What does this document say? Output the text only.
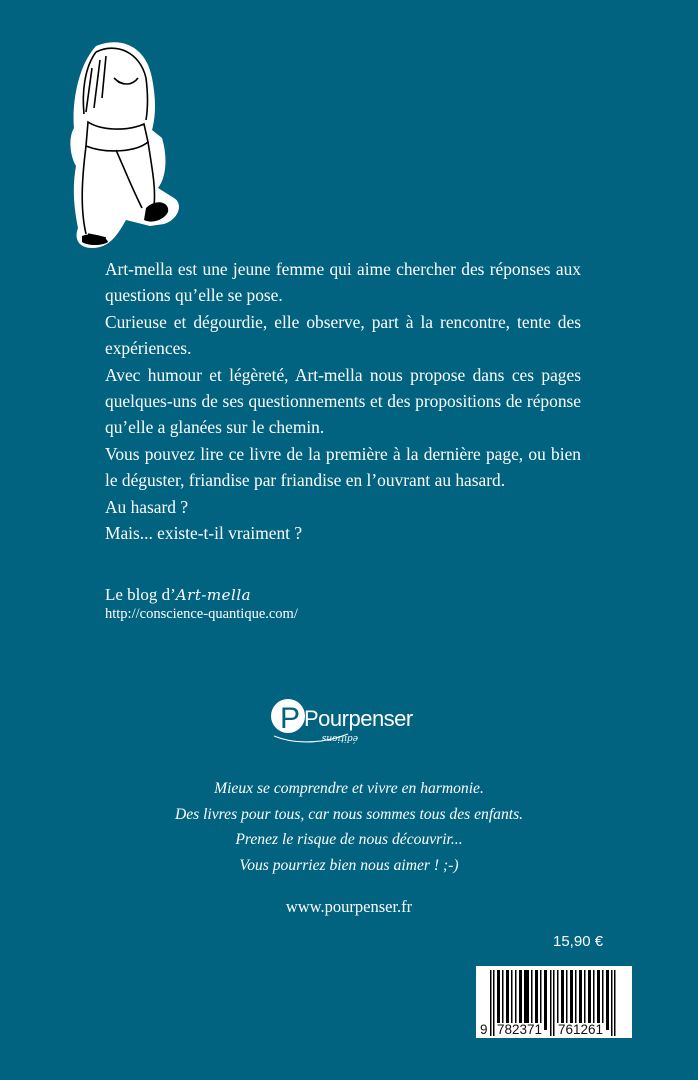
Art-mella est une jeune femme qui aime chercher des réponses aux questions qu’elle se pose.

Curieuse et dégourdie, elle observe, part à la rencontre, tente des expériences.

Avec humour et légèreté, Art-mella nous propose dans ces pages quelques-uns de ses questionnements et des propositions de réponse qu’elle a glanées sur le chemin.

Vous pouvez lire ce livre de la première à la dernière page, ou bien le déguster, friandise par friandise en l’ouvrant au hasard.

Au hasard ?

Mais... existe-t-il vraiment ?

Le blog d’Art-mella
http://conscience-quantique.com/
P Pourpenser
éditions
Mieux se comprendre et vivre en harmonie.
Des livres pour tous, car nous sommes tous des enfants.
Prenez le risque de nous découvrir...
Vous pourriez bien nous aimer ! ;-)
www.pourpenser.fr
15,90 €
9 782371 761261
